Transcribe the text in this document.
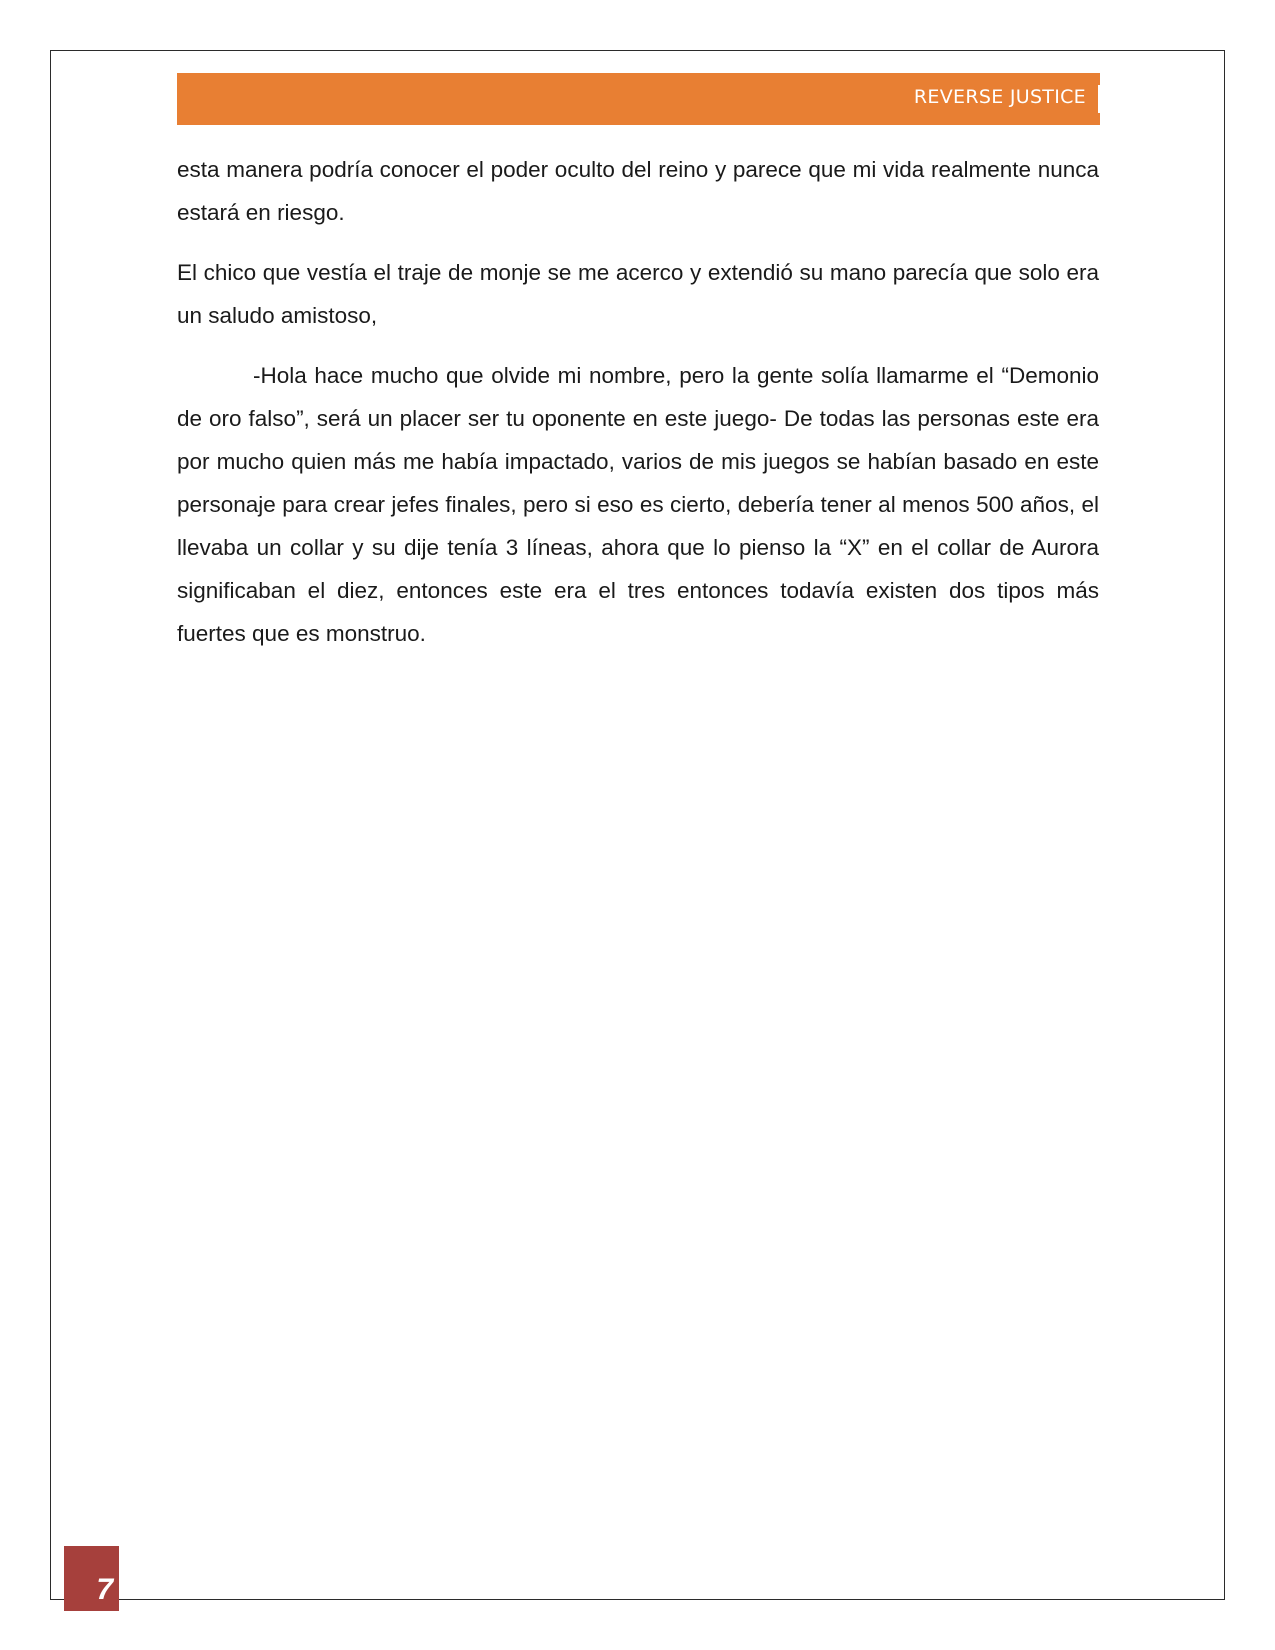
REVERSE JUSTICE

esta manera podría conocer el poder oculto del reino y parece que mi vida realmente nunca estará en riesgo.

El chico que vestía el traje de monje se me acerco y extendió su mano parecía que solo era un saludo amistoso,

-Hola hace mucho que olvide mi nombre, pero la gente solía llamarme el “Demonio de oro falso”, será un placer ser tu oponente en este juego- De todas las personas este era por mucho quien más me había impactado, varios de mis juegos se habían basado en este personaje para crear jefes finales, pero si eso es cierto, debería tener al menos 500 años, el llevaba un collar y su dije tenía 3 líneas, ahora que lo pienso la “X” en el collar de Aurora significaban el diez, entonces este era el tres entonces todavía existen dos tipos más fuertes que es monstruo.

7
